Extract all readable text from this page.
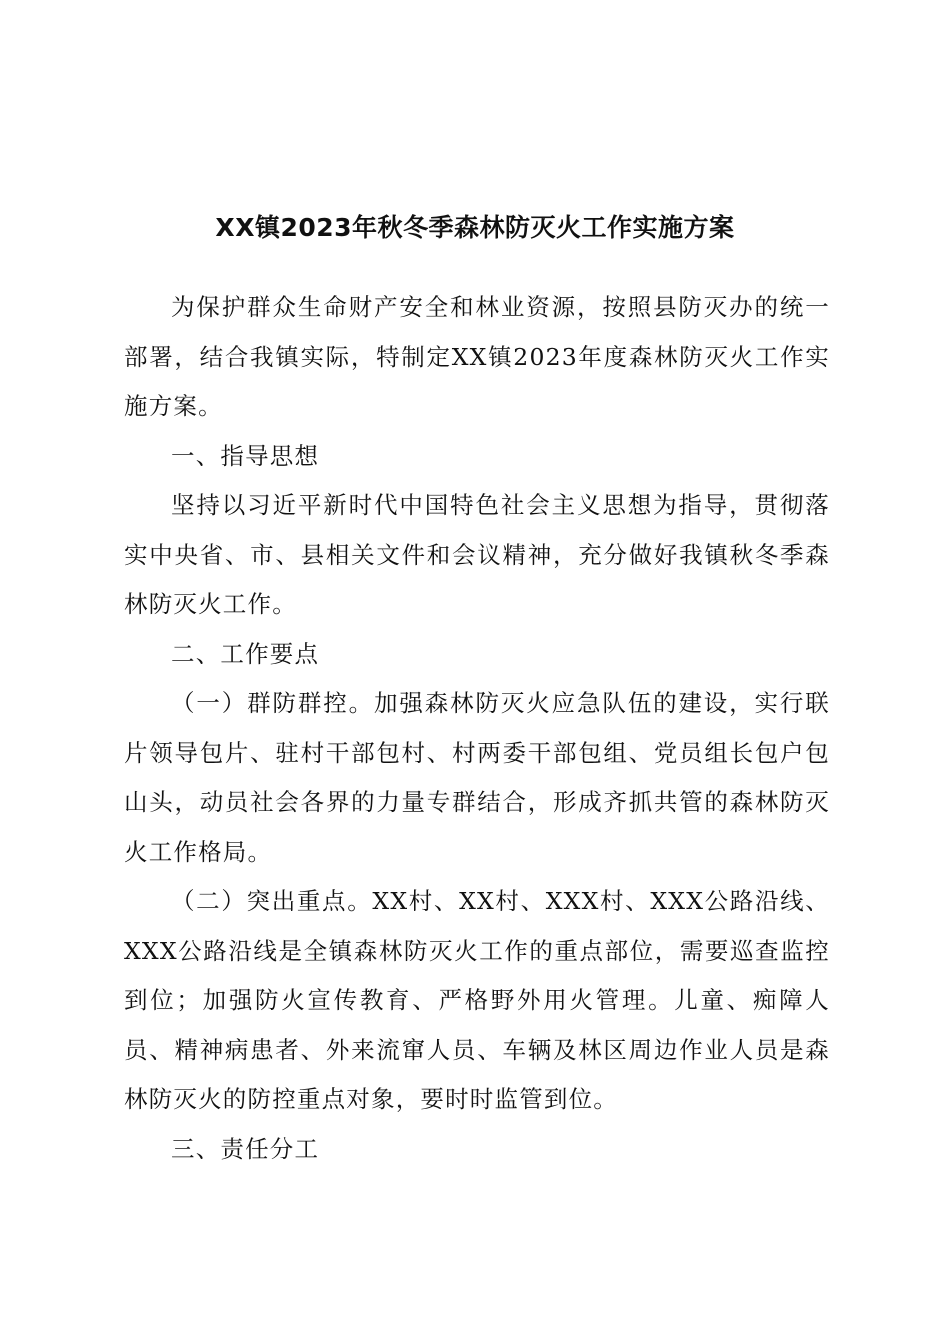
XX镇2023年秋冬季森林防灭火工作实施方案

为保护群众生命财产安全和林业资源，按照县防灭办的统一部署，结合我镇实际，特制定XX镇2023年度森林防灭火工作实施方案。

一、指导思想

坚持以习近平新时代中国特色社会主义思想为指导，贯彻落实中央省、市、县相关文件和会议精神，充分做好我镇秋冬季森林防灭火工作。

二、工作要点

（一）群防群控。加强森林防灭火应急队伍的建设，实行联片领导包片、驻村干部包村、村两委干部包组、党员组长包户包山头，动员社会各界的力量专群结合，形成齐抓共管的森林防灭火工作格局。

（二）突出重点。XX村、XX村、XXX村、XXX公路沿线、XXX公路沿线是全镇森林防灭火工作的重点部位，需要巡查监控到位；加强防火宣传教育、严格野外用火管理。儿童、痴障人员、精神病患者、外来流窜人员、车辆及林区周边作业人员是森林防灭火的防控重点对象，要时时监管到位。

三、责任分工
